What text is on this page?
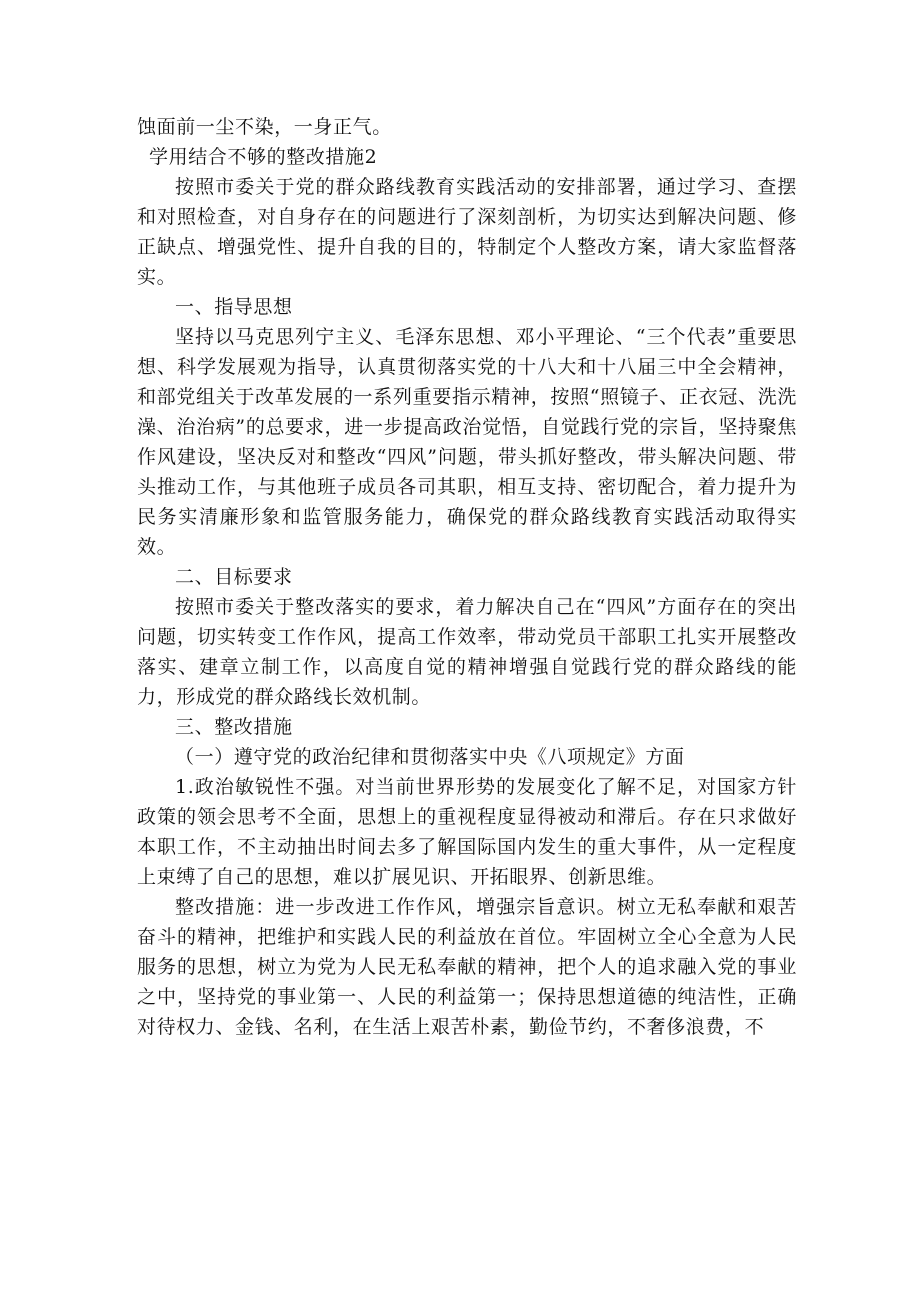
蚀面前一尘不染，一身正气。

学用结合不够的整改措施2

按照市委关于党的群众路线教育实践活动的安排部署，通过学习、查摆和对照检查，对自身存在的问题进行了深刻剖析，为切实达到解决问题、修正缺点、增强党性、提升自我的目的，特制定个人整改方案，请大家监督落实。

一、指导思想

坚持以马克思列宁主义、毛泽东思想、邓小平理论、“三个代表”重要思想、科学发展观为指导，认真贯彻落实党的十八大和十八届三中全会精神，和部党组关于改革发展的一系列重要指示精神，按照“照镜子、正衣冠、洗洗澡、治治病”的总要求，进一步提高政治觉悟，自觉践行党的宗旨，坚持聚焦作风建设，坚决反对和整改“四风”问题，带头抓好整改，带头解决问题、带头推动工作，与其他班子成员各司其职，相互支持、密切配合，着力提升为民务实清廉形象和监管服务能力，确保党的群众路线教育实践活动取得实效。

二、目标要求

按照市委关于整改落实的要求，着力解决自己在“四风”方面存在的突出问题，切实转变工作作风，提高工作效率，带动党员干部职工扎实开展整改落实、建章立制工作，以高度自觉的精神增强自觉践行党的群众路线的能力，形成党的群众路线长效机制。

三、整改措施

（一）遵守党的政治纪律和贯彻落实中央《八项规定》方面

1.政治敏锐性不强。对当前世界形势的发展变化了解不足，对国家方针政策的领会思考不全面，思想上的重视程度显得被动和滞后。存在只求做好本职工作，不主动抽出时间去多了解国际国内发生的重大事件，从一定程度上束缚了自己的思想，难以扩展见识、开拓眼界、创新思维。

整改措施：进一步改进工作作风，增强宗旨意识。树立无私奉献和艰苦奋斗的精神，把维护和实践人民的利益放在首位。牢固树立全心全意为人民服务的思想，树立为党为人民无私奉献的精神，把个人的追求融入党的事业之中，坚持党的事业第一、人民的利益第一；保持思想道德的纯洁性，正确对待权力、金钱、名利，在生活上艰苦朴素，勤俭节约，不奢侈浪费，不
